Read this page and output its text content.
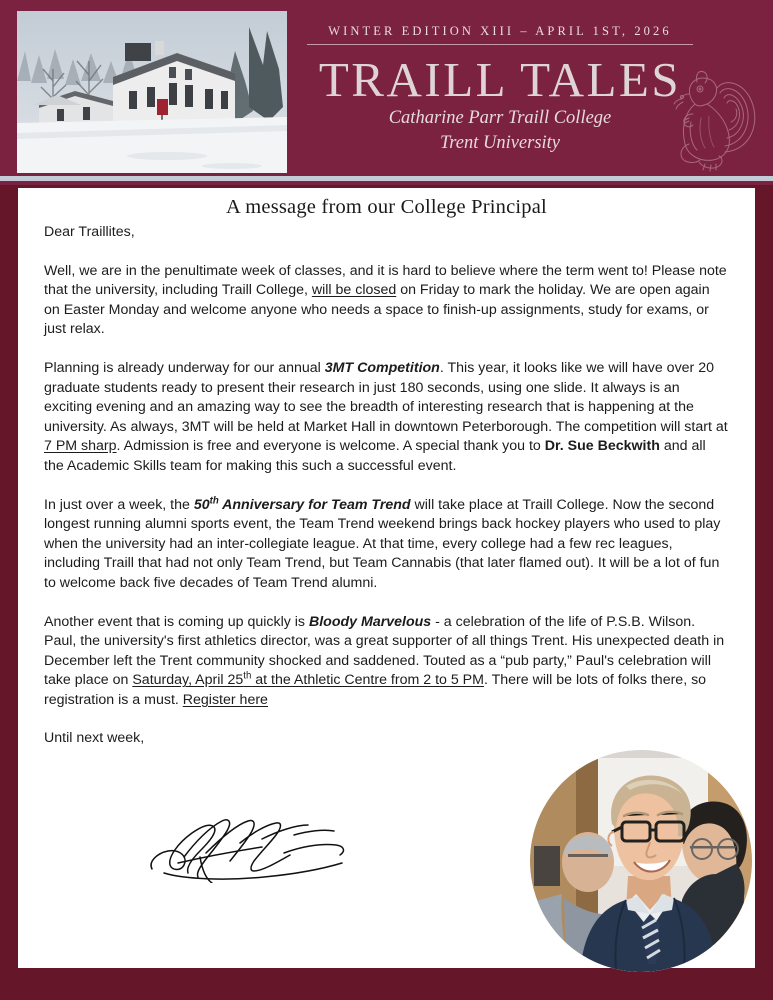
WINTER EDITION XIII – APRIL 1ST, 2026
TRAILL TALES
Catharine Parr Traill College
Trent University
A message from our College Principal

Dear Traillites,

Well, we are in the penultimate week of classes, and it is hard to believe where the term went to! Please note that the university, including Traill College, will be closed on Friday to mark the holiday. We are open again on Easter Monday and welcome anyone who needs a space to finish-up assignments, study for exams, or just relax.

Planning is already underway for our annual 3MT Competition. This year, it looks like we will have over 20 graduate students ready to present their research in just 180 seconds, using one slide. It always is an exciting evening and an amazing way to see the breadth of interesting research that is happening at the university. As always, 3MT will be held at Market Hall in downtown Peterborough. The competition will start at 7 PM sharp. Admission is free and everyone is welcome. A special thank you to Dr. Sue Beckwith and all the Academic Skills team for making this such a successful event.

In just over a week, the 50th Anniversary for Team Trend will take place at Traill College. Now the second longest running alumni sports event, the Team Trend weekend brings back hockey players who used to play when the university had an inter-collegiate league. At that time, every college had a few rec leagues, including Traill that had not only Team Trend, but Team Cannabis (that later flamed out). It will be a lot of fun to welcome back five decades of Team Trend alumni.

Another event that is coming up quickly is Bloody Marvelous - a celebration of the life of P.S.B. Wilson. Paul, the university's first athletics director, was a great supporter of all things Trent. His unexpected death in December left the Trent community shocked and saddened. Touted as a “pub party,” Paul's celebration will take place on Saturday, April 25th at the Athletic Centre from 2 to 5 PM. There will be lots of folks there, so registration is a must. Register here

Until next week,
